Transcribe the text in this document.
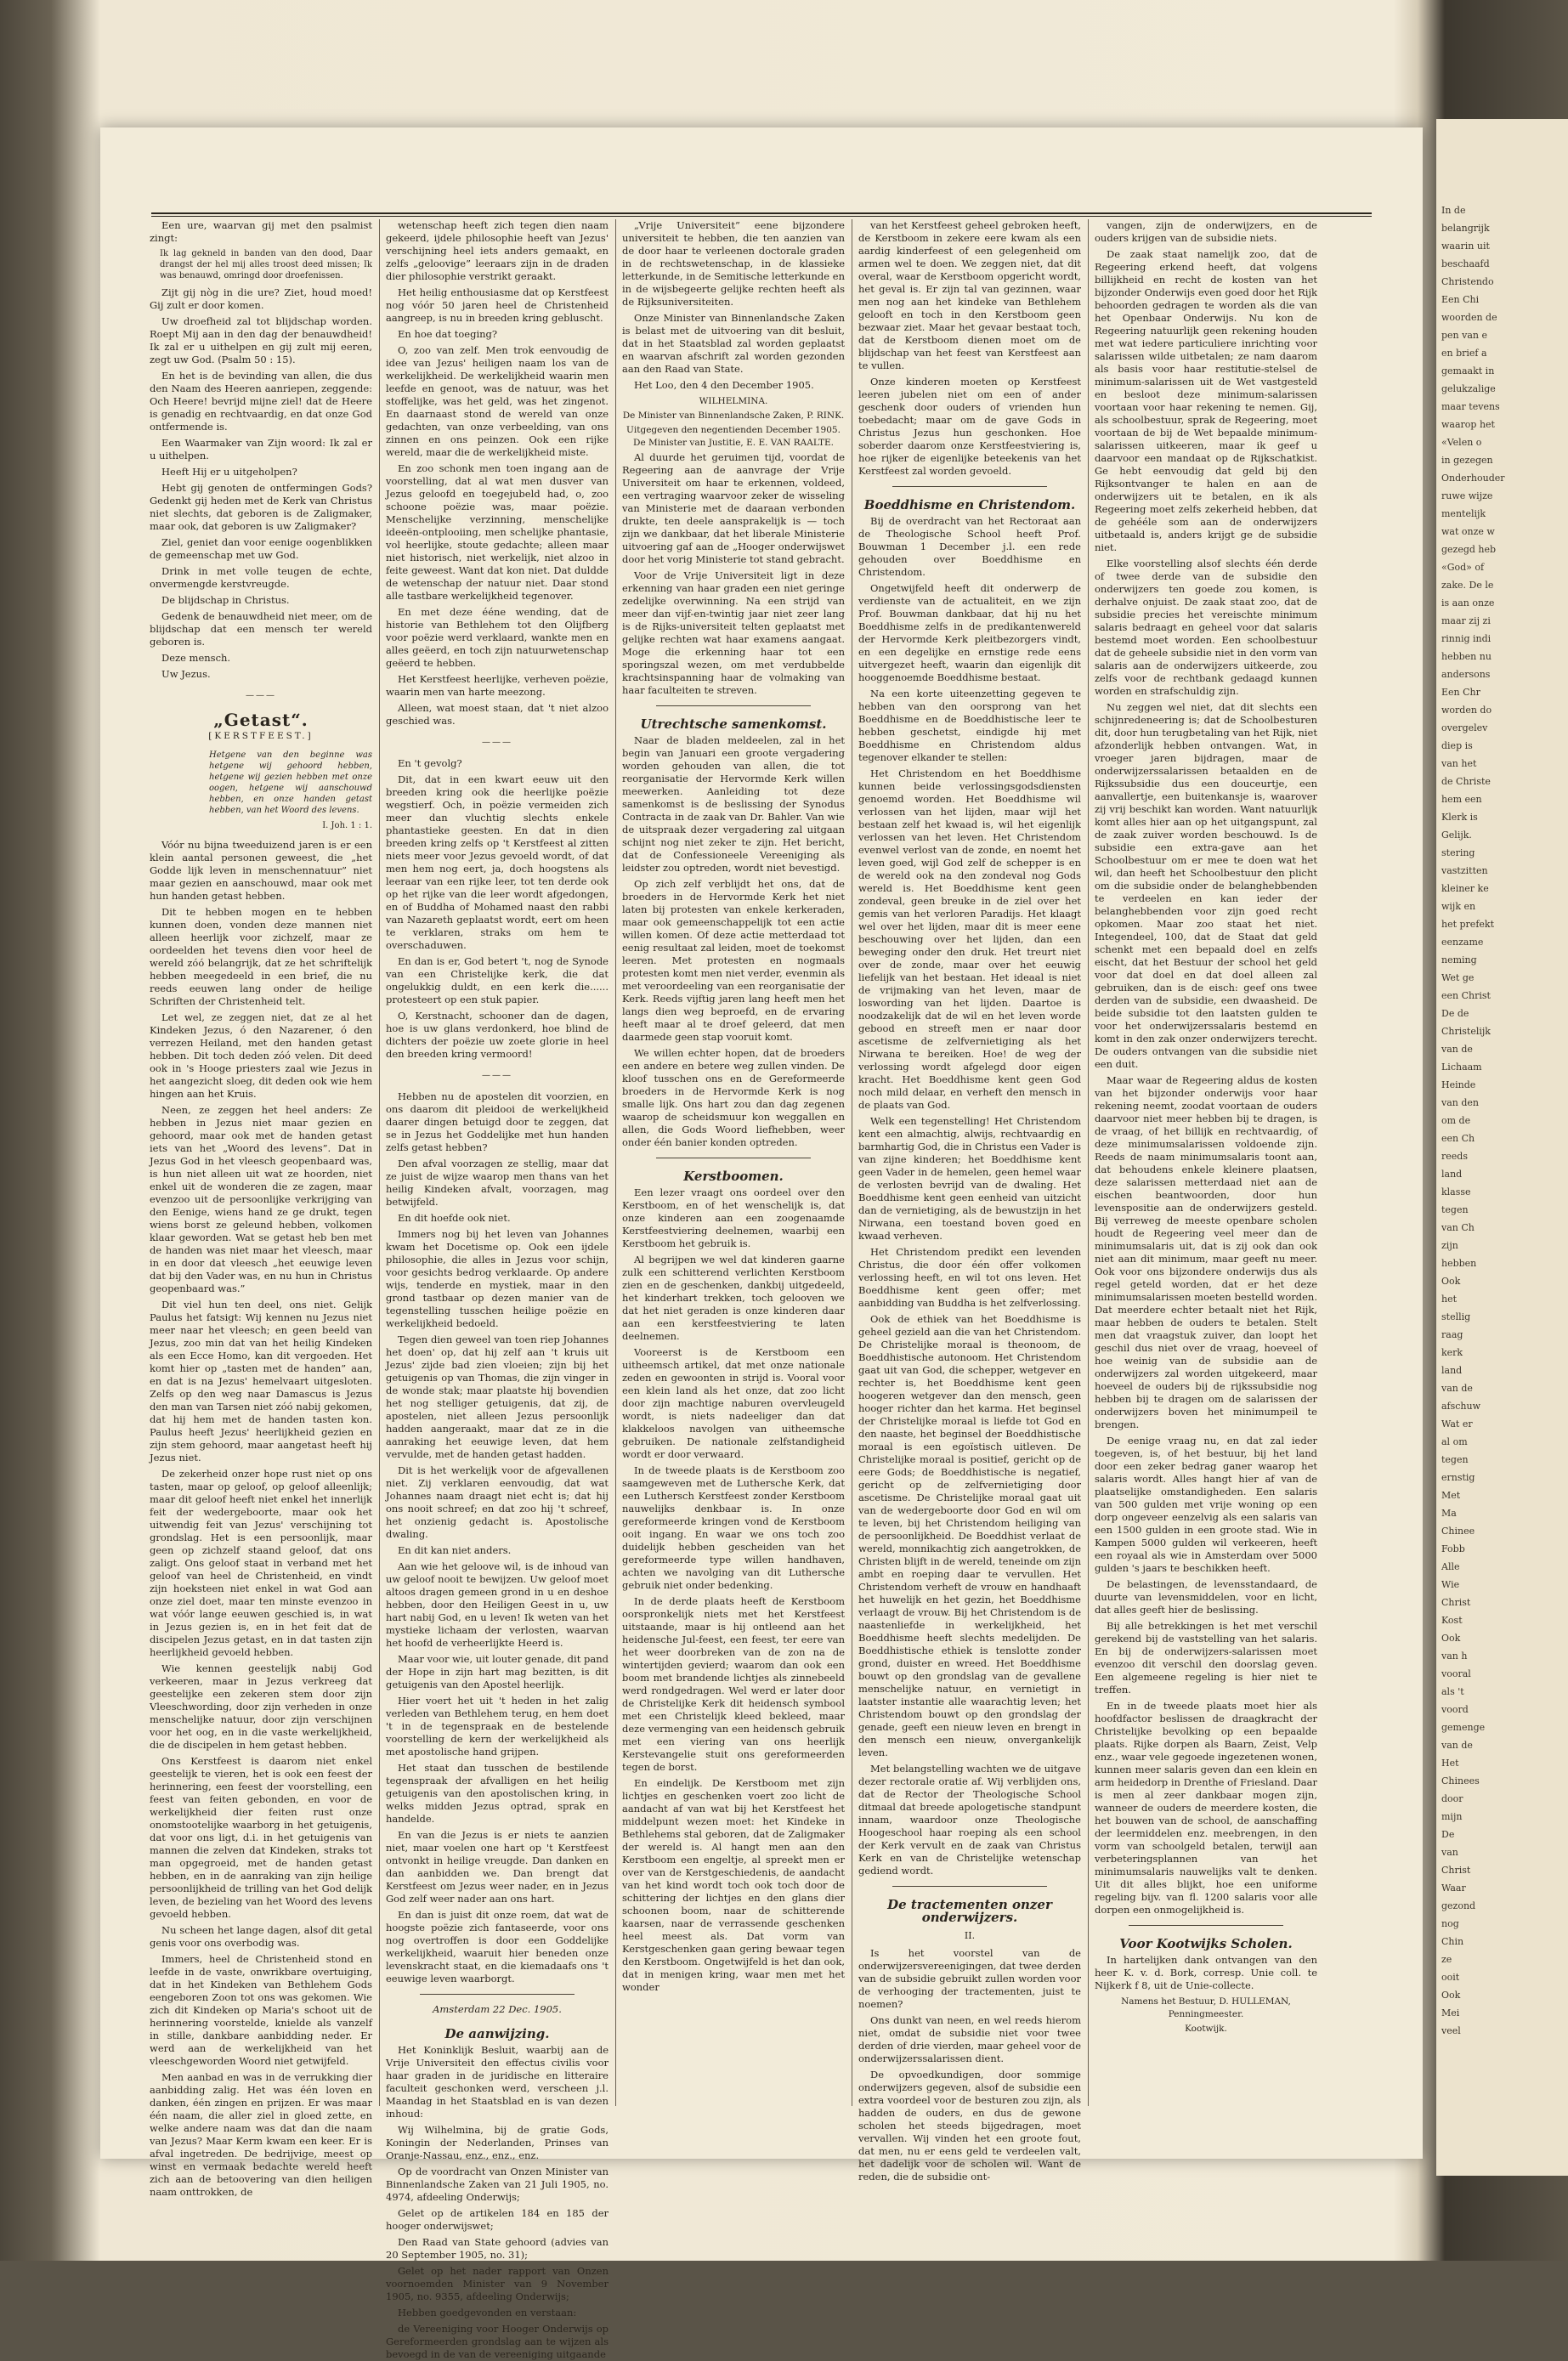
Een ure, waarvan gij met den psalmist zingt:

Ik lag gekneld in banden van den dood, Daar drangst der hel mij alles troost deed missen; Ik was benauwd, omringd door droefenissen.

Zijt gij nòg in die ure? Ziet, houd moed! Gij zult er door komen.

Uw droefheid zal tot blijdschap worden. Roept Mij aan in den dag der benauwdheid! Ik zal er u uithelpen en gij zult mij eeren, zegt uw God. (Psalm 50 : 15).

En het is de bevinding van allen, die dus den Naam des Heeren aanriepen, zeggende: Och Heere! bevrijd mijne ziel! dat de Heere is genadig en rechtvaardig, en dat onze God ontfermende is.

Een Waarmaker van Zijn woord: Ik zal er u uithelpen.

Heeft Hij er u uitgeholpen?

Hebt gij genoten de ontfermingen Gods? Gedenkt gij heden met de Kerk van Christus niet slechts, dat geboren is de Zaligmaker, maar ook, dat geboren is uw Zaligmaker?

Ziel, geniet dan voor eenige oogenblikken de gemeenschap met uw God.

Drink in met volle teugen de echte, onvermengde kerstvreugde.

De blijdschap in Christus.

Gedenk de benauwdheid niet meer, om de blijdschap dat een mensch ter wereld geboren is.

Deze mensch.

Uw Jezus.

———

„Getast“.

[KERSTFEEST.]

Hetgene van den beginne was hetgene wij gehoord hebben, hetgene wij gezien hebben met onze oogen, hetgene wij aanschouwd hebben, en onze handen getast hebben, van het Woord des levens.

I. Joh. 1 : 1.

Vóór nu bijna tweeduizend jaren is er een klein aantal personen geweest, die „het Godde lijk leven in menschennatuur” niet maar gezien en aanschouwd, maar ook met hun handen getast hebben.

Dit te hebben mogen en te hebben kunnen doen, vonden deze mannen niet alleen heerlijk voor zichzelf, maar ze oordeelden het tevens dien voor heel de wereld zóó belangrijk, dat ze het schriftelijk hebben meegedeeld in een brief, die nu reeds eeuwen lang onder de heilige Schriften der Christenheid telt.

Let wel, ze zeggen niet, dat ze al het Kindeken Jezus, ó den Nazarener, ó den verrezen Heiland, met den handen getast hebben. Dit toch deden zóó velen. Dit deed ook in 's Hooge priesters zaal wie Jezus in het aangezicht sloeg, dit deden ook wie hem hingen aan het Kruis.

Neen, ze zeggen het heel anders: Ze hebben in Jezus niet maar gezien en gehoord, maar ook met de handen getast iets van het „Woord des levens”. Dat in Jezus God in het vleesch geopenbaard was, is hun niet alleen uit wat ze hoorden, niet enkel uit de wonderen die ze zagen, maar evenzoo uit de persoonlijke verkrijging van den Eenige, wiens hand ze ge drukt, tegen wiens borst ze geleund hebben, volkomen klaar geworden. Wat se getast heb ben met de handen was niet maar het vleesch, maar in en door dat vleesch „het eeuwige leven dat bij den Vader was, en nu hun in Christus geopenbaard was.”

Dit viel hun ten deel, ons niet. Gelijk Paulus het fatsigt: Wij kennen nu Jezus niet meer naar het vleesch; en geen beeld van Jezus, zoo min dat van het heilig Kindeken als een Ecce Homo, kan dit vergoeden. Het komt hier op „tasten met de handen” aan, en dat is na Jezus' hemelvaart uitgesloten. Zelfs op den weg naar Damascus is Jezus den man van Tarsen niet zóó nabij gekomen, dat hij hem met de handen tasten kon. Paulus heeft Jezus' heerlijkheid gezien en zijn stem gehoord, maar aangetast heeft hij Jezus niet.

De zekerheid onzer hope rust niet op ons tasten, maar op geloof, op geloof alleenlijk; maar dit geloof heeft niet enkel het innerlijk feit der wedergeboorte, maar ook het uitwendig feit van Jezus' verschijning tot grondslag. Het is een persoonlijk, maar geen op zichzelf staand geloof, dat ons zaligt. Ons geloof staat in verband met het geloof van heel de Christenheid, en vindt zijn hoeksteen niet enkel in wat God aan onze ziel doet, maar ten minste evenzoo in wat vóór lange eeuwen geschied is, in wat in Jezus gezien is, en in het feit dat de discipelen Jezus getast, en in dat tasten zijn heerlijkheid gevoeld hebben.

Wie kennen geestelijk nabij God verkeeren, maar in Jezus verkreeg dat geestelijke een zekeren stem door zijn Vleeschwording, door zijn verheden in onze menschelijke natuur, door zijn verschijnen voor het oog, en in die vaste werkelijkheid, die de discipelen in hem getast hebben.

Ons Kerstfeest is daarom niet enkel geestelijk te vieren, het is ook een feest der herinnering, een feest der voorstelling, een feest van feiten gebonden, en voor de werkelijkheid dier feiten rust onze onomstootelijke waarborg in het getuigenis, dat voor ons ligt, d.i. in het getuigenis van mannen die zelven dat Kindeken, straks tot man opgegroeid, met de handen getast hebben, en in de aanraking van zijn heilige persoonlijkheid de trilling van het God delijk leven, de bezieling van het Woord des levens gevoeld hebben.

Nu scheen het lange dagen, alsof dit getal genis voor ons overbodig was.

Immers, heel de Christenheid stond en leefde in de vaste, onwrikbare overtuiging, dat in het Kindeken van Bethlehem Gods eengeboren Zoon tot ons was gekomen. Wie zich dit Kindeken op Maria's schoot uit de herinnering voorstelde, knielde als vanzelf in stille, dankbare aanbidding neder. Er werd aan de werkelijkheid van het vleeschgeworden Woord niet getwijfeld.

Men aanbad en was in de verrukking dier aanbidding zalig. Het was één loven en danken, één zingen en prijzen. Er was maar één naam, die aller ziel in gloed zette, en welke andere naam was dat dan die naam van Jezus? Maar Kerm kwam een keer. Er is afval ingetreden. De bedrijvige, meest op winst en vermaak bedachte wereld heeft zich aan de betoovering van dien heiligen naam onttrokken, de

wetenschap heeft zich tegen dien naam gekeerd, ijdele philosophie heeft van Jezus' verschijning heel iets anders gemaakt, en zelfs „geloovige” leeraars zijn in de draden dier philosophie verstrikt geraakt.

Het heilig enthousiasme dat op Kerstfeest nog vóór 50 jaren heel de Christenheid aangreep, is nu in breeden kring gebluscht.

En hoe dat toeging?

O, zoo van zelf. Men trok eenvoudig de idee van Jezus' heiligen naam los van de werkelijkheid. De werkelijkheid waarin men leefde en genoot, was de natuur, was het stoffelijke, was het geld, was het zingenot. En daarnaast stond de wereld van onze gedachten, van onze verbeelding, van ons zinnen en ons peinzen. Ook een rijke wereld, maar die de werkelijkheid miste.

En zoo schonk men toen ingang aan de voorstelling, dat al wat men dusver van Jezus geloofd en toegejubeld had, o, zoo schoone poëzie was, maar poëzie. Menschelijke verzinning, menschelijke ideeën-ontplooiing, men schelijke phantasie, vol heerlijke, stoute gedachte; alleen maar niet historisch, niet werkelijk, niet alzoo in feite geweest. Want dat kon niet. Dat duldde de wetenschap der natuur niet. Daar stond alle tastbare werkelijkheid tegenover.

En met deze ééne wending, dat de historie van Bethlehem tot den Olijfberg voor poëzie werd verklaard, wankte men en alles geëerd, en toch zijn natuurwetenschap geëerd te hebben.

Het Kerstfeest heerlijke, verheven poëzie, waarin men van harte meezong.

Alleen, wat moest staan, dat 't niet alzoo geschied was.

———

En 't gevolg?

Dit, dat in een kwart eeuw uit den breeden kring ook die heerlijke poëzie wegstierf. Och, in poëzie vermeiden zich meer dan vluchtig slechts enkele phantastieke geesten. En dat in dien breeden kring zelfs op 't Kerstfeest al zitten niets meer voor Jezus gevoeld wordt, of dat men hem nog eert, ja, doch hoogstens als leeraar van een rijke leer, tot ten derde ook op het rijke van die leer wordt afgedongen, en of Buddha of Mohamed naast den rabbi van Nazareth geplaatst wordt, eert om heen te verklaren, straks om hem te overschaduwen.

En dan is er, God betert 't, nog de Synode van een Christelijke kerk, die dat ongelukkig duldt, en een kerk die...... protesteert op een stuk papier.

O, Kerstnacht, schooner dan de dagen, hoe is uw glans verdonkerd, hoe blind de dichters der poëzie uw zoete glorie in heel den breeden kring vermoord!

———

Hebben nu de apostelen dit voorzien, en ons daarom dit pleidooi de werkelijkheid daarer dingen betuigd door te zeggen, dat se in Jezus het Goddelijke met hun handen zelfs getast hebben?

Den afval voorzagen ze stellig, maar dat ze juist de wijze waarop men thans van het heilig Kindeken afvalt, voorzagen, mag betwijfeld.

En dit hoefde ook niet.

Immers nog bij het leven van Johannes kwam het Docetisme op. Ook een ijdele philosophie, die alles in Jezus voor schijn, voor gesichts bedrog verklaarde. Op andere wijs, tenderde en mystiek, maar in den grond tastbaar op dezen manier van de tegenstelling tusschen heilige poëzie en werkelijkheid bedoeld.

Tegen dien geweel van toen riep Johannes het doen' op, dat hij zelf aan 't kruis uit Jezus' zijde bad zien vloeien; zijn bij het getuigenis op van Thomas, die zijn vinger in de wonde stak; maar plaatste hij bovendien het nog stelliger getuigenis, dat zij, de apostelen, niet alleen Jezus persoonlijk hadden aangeraakt, maar dat ze in die aanraking het eeuwige leven, dat hem vervulde, met de handen getast hadden.

Dit is het werkelijk voor de afgevallenen niet. Zij verklaren eenvoudig, dat wat Johannes naam draagt niet echt is; dat hij ons nooit schreef; en dat zoo hij 't schreef, het onzienig gedacht is. Apostolische dwaling.

En dit kan niet anders.

Aan wie het geloove wil, is de inhoud van uw geloof nooit te bewijzen. Uw geloof moet altoos dragen gemeen grond in u en deshoe hebben, door den Heiligen Geest in u, uw hart nabij God, en u leven! Ik weten van het mystieke lichaam der verlosten, waarvan het hoofd de verheerlijkte Heerd is.

Maar voor wie, uit louter genade, dit pand der Hope in zijn hart mag bezitten, is dit getuigenis van den Apostel heerlijk.

Hier voert het uit 't heden in het zalig verleden van Bethlehem terug, en hem doet 't in de tegenspraak en de bestelende voorstelling de kern der werkelijkheid als met apostolische hand grijpen.

Het staat dan tusschen de bestilende tegenspraak der afvalligen en het heilig getuigenis van den apostolischen kring, in welks midden Jezus optrad, sprak en handelde.

En van die Jezus is er niets te aanzien niet, maar voelen one hart op 't Kerstfeest ontvonkt in heilige vreugde. Dan danken en dan aanbidden we. Dan brengt dat Kerstfeest om Jezus weer nader, en in Jezus God zelf weer nader aan ons hart.

En dan is juist dit onze roem, dat wat de hoogste poëzie zich fantaseerde, voor ons nog overtroffen is door een Goddelijke werkelijkheid, waaruit hier beneden onze levenskracht staat, en die kiemadaafs ons 't eeuwige leven waarborgt.

Amsterdam 22 Dec. 1905.

De aanwijzing.

Het Koninklijk Besluit, waarbij aan de Vrije Universiteit den effectus civilis voor haar graden in de juridische en litteraire faculteit geschonken werd, verscheen j.l. Maandag in het Staatsblad en is van dezen inhoud:

Wij Wilhelmina, bij de gratie Gods, Koningin der Nederlanden, Prinses van Oranje-Nassau, enz., enz., enz.

Op de voordracht van Onzen Minister van Binnenlandsche Zaken van 21 Juli 1905, no. 4974, afdeeling Onderwijs;

Gelet op de artikelen 184 en 185 der hooger onderwijswet;

Den Raad van State gehoord (advies van 20 September 1905, no. 31);

Gelet op het nader rapport van Onzen voornoemden Minister van 9 November 1905, no. 9355, afdeeling Onderwijs;

Hebben goedgevonden en verstaan:

de Vereeniging voor Hooger Onderwijs op Gereformeerden grondslag aan te wijzen als bevoegd in de van de vereeniging uitgaande

„Vrije Universiteit” eene bijzondere universiteit te hebben, die ten aanzien van de door haar te verleenen doctorale graden in de rechtswetenschap, in de klassieke letterkunde, in de Semitische letterkunde en in de wijsbegeerte gelijke rechten heeft als de Rijksuniversiteiten.

Onze Minister van Binnenlandsche Zaken is belast met de uitvoering van dit besluit, dat in het Staatsblad zal worden geplaatst en waarvan afschrift zal worden gezonden aan den Raad van State.

Het Loo, den 4 den December 1905.

WILHELMINA.

De Minister van Binnenlandsche Zaken, P. RINK.

Uitgegeven den negentienden December 1905. De Minister van Justitie, E. E. VAN RAALTE.

Al duurde het geruimen tijd, voordat de Regeering aan de aanvrage der Vrije Universiteit om haar te erkennen, voldeed, een vertraging waarvoor zeker de wisseling van Ministerie met de daaraan verbonden drukte, ten deele aansprakelijk is — toch zijn we dankbaar, dat het liberale Ministerie uitvoering gaf aan de „Hooger onderwijswet door het vorig Ministerie tot stand gebracht.

Voor de Vrije Universiteit ligt in deze erkenning van haar graden een niet geringe zedelijke overwinning. Na een strijd van meer dan vijf-en-twintig jaar niet zeer lang is de Rijks-universiteit telten geplaatst met gelijke rechten wat haar examens aangaat. Moge die erkenning haar tot een sporingszal wezen, om met verdubbelde krachtsinspanning haar de volmaking van haar faculteiten te streven.

Utrechtsche samenkomst.

Naar de bladen meldeelen, zal in het begin van Januari een groote vergadering worden gehouden van allen, die tot reorganisatie der Hervormde Kerk willen meewerken. Aanleiding tot deze samenkomst is de beslissing der Synodus Contracta in de zaak van Dr. Bahler. Van wie de uitspraak dezer vergadering zal uitgaan schijnt nog niet zeker te zijn. Het bericht, dat de Confessioneele Vereeniging als leidster zou optreden, wordt niet bevestigd.

Op zich zelf verblijdt het ons, dat de broeders in de Hervormde Kerk het niet laten bij protesten van enkele kerkeraden, maar ook gemeenschappelijk tot een actie willen komen. Of deze actie metterdaad tot eenig resultaat zal leiden, moet de toekomst leeren. Met protesten en nogmaals protesten komt men niet verder, evenmin als met veroordeeling van een reorganisatie der Kerk. Reeds vijftig jaren lang heeft men het langs dien weg beproefd, en de ervaring heeft maar al te droef geleerd, dat men daarmede geen stap vooruit komt.

We willen echter hopen, dat de broeders een andere en betere weg zullen vinden. De kloof tusschen ons en de Gereformeerde broeders in de Hervormde Kerk is nog smalle lijk. Ons hart zou dan dag zegenen waarop de scheidsmuur kon weggallen en allen, die Gods Woord liefhebben, weer onder één banier konden optreden.

Kerstboomen.

Een lezer vraagt ons oordeel over den Kerstboom, en of het wenschelijk is, dat onze kinderen aan een zoogenaamde Kerstfeestviering deelnemen, waarbij een Kerstboom het gebruik is.

Al begrijpen we wel dat kinderen gaarne zulk een schitterend verlichten Kerstboom zien en de geschenken, dankbij uitgedeeld, het kinderhart trekken, toch gelooven we dat het niet geraden is onze kinderen daar aan een kerstfeestviering te laten deelnemen.

Vooreerst is de Kerstboom een uitheemsch artikel, dat met onze nationale zeden en gewoonten in strijd is. Vooral voor een klein land als het onze, dat zoo licht door zijn machtige naburen overvleugeld wordt, is niets nadeeliger dan dat klakkeloos navolgen van uitheemsche gebruiken. De nationale zelfstandigheid wordt er door verwaard.

In de tweede plaats is de Kerstboom zoo saamgeweven met de Luthersche Kerk, dat een Luthersch Kerstfeest zonder Kerstboom nauwelijks denkbaar is. In onze gereformeerde kringen vond de Kerstboom ooit ingang. En waar we ons toch zoo duidelijk hebben gescheiden van het gereformeerde type willen handhaven, achten we navolging van dit Luthersche gebruik niet onder bedenking.

In de derde plaats heeft de Kerstboom oorspronkelijk niets met het Kerstfeest uitstaande, maar is hij ontleend aan het heidensche Jul-feest, een feest, ter eere van het weer doorbreken van de zon na de wintertijden gevierd; waarom dan ook een boom met brandende lichtjes als zinnebeeld werd rondgedragen. Wel werd er later door de Christelijke Kerk dit heidensch symbool met een Christelijk kleed bekleed, maar deze vermenging van een heidensch gebruik met een viering van ons heerlijk Kerstevangelie stuit ons gereformeerden tegen de borst.

En eindelijk. De Kerstboom met zijn lichtjes en geschenken voert zoo licht de aandacht af van wat bij het Kerstfeest het middelpunt wezen moet: het Kindeke in Bethlehems stal geboren, dat de Zaligmaker der wereld is. Al hangt men aan den Kerstboom een engeltje, al spreekt men er over van de Kerstgeschiedenis, de aandacht van het kind wordt toch ook toch door de schittering der lichtjes en den glans dier schoonen boom, naar de schitterende kaarsen, naar de verrassende geschenken heel meest als. Dat vorm van Kerstgeschenken gaan gering bewaar tegen den Kerstboom. Ongetwijfeld is het dan ook, dat in menigen kring, waar men met het wonder

van het Kerstfeest geheel gebroken heeft, de Kerstboom in zekere eere kwam als een aardig kinderfeest of een gelegenheid om armen wel te doen. We zeggen niet, dat dit overal, waar de Kerstboom opgericht wordt, het geval is. Er zijn tal van gezinnen, waar men nog aan het kindeke van Bethlehem gelooft en toch in den Kerstboom geen bezwaar ziet. Maar het gevaar bestaat toch, dat de Kerstboom dienen moet om de blijdschap van het feest van Kerstfeest aan te vullen.

Onze kinderen moeten op Kerstfeest leeren jubelen niet om een of ander geschenk door ouders of vrienden hun toebedacht; maar om de gave Gods in Christus Jezus hun geschonken. Hoe soberder daarom onze Kerstfeestviering is, hoe rijker de eigenlijke beteekenis van het Kerstfeest zal worden gevoeld.

Boeddhisme en Christendom.

Bij de overdracht van het Rectoraat aan de Theologische School heeft Prof. Bouwman 1 December j.l. een rede gehouden over Boeddhisme en Christendom.

Ongetwijfeld heeft dit onderwerp de verdienste van de actualiteit, en we zijn Prof. Bouwman dankbaar, dat hij nu het Boeddhisme zelfs in de predikantenwereld der Hervormde Kerk pleitbezorgers vindt, en een degelijke en ernstige rede eens uitvergezet heeft, waarin dan eigenlijk dit hooggenoemde Boeddhisme bestaat.

Na een korte uiteenzetting gegeven te hebben van den oorsprong van het Boeddhisme en de Boeddhistische leer te hebben geschetst, eindigde hij met Boeddhisme en Christendom aldus tegenover elkander te stellen:

Het Christendom en het Boeddhisme kunnen beide verlossingsgodsdiensten genoemd worden. Het Boeddhisme wil verlossen van het lijden, maar wijl het bestaan zelf het kwaad is, wil het eigenlijk verlossen van het leven. Het Christendom evenwel verlost van de zonde, en noemt het leven goed, wijl God zelf de schepper is en de wereld ook na den zondeval nog Gods wereld is. Het Boeddhisme kent geen zondeval, geen breuke in de ziel over het gemis van het verloren Paradijs. Het klaagt wel over het lijden, maar dit is meer eene beschouwing over het lijden, dan een beweging onder den druk. Het treurt niet over de zonde, maar over het eeuwig liefelijk van het bestaan. Het ideaal is niet de vrijmaking van het leven, maar de loswording van het lijden. Daartoe is noodzakelijk dat de wil en het leven worde gebood en streeft men er naar door ascetisme de zelfvernietiging als het Nirwana te bereiken. Hoe! de weg der verlossing wordt afgelegd door eigen kracht. Het Boeddhisme kent geen God noch mild delaar, en verheft den mensch in de plaats van God.

Welk een tegenstelling! Het Christendom kent een almachtig, alwijs, rechtvaardig en barmhartig God, die in Christus een Vader is van zijne kinderen; het Boeddhisme kent geen Vader in de hemelen, geen hemel waar de verlosten bevrijd van de dwaling. Het Boeddhisme kent geen eenheid van uitzicht dan de vernietiging, als de bewustzijn in het Nirwana, een toestand boven goed en kwaad verheven.

Het Christendom predikt een levenden Christus, die door één offer volkomen verlossing heeft, en wil tot ons leven. Het Boeddhisme kent geen offer; met aanbidding van Buddha is het zelfverlossing.

Ook de ethiek van het Boeddhisme is geheel gezield aan die van het Christendom. De Christelijke moraal is theonoom, de Boeddhistische autonoom. Het Christendom gaat uit van God, die schepper, wetgever en rechter is, het Boeddhisme kent geen hoogeren wetgever dan den mensch, geen hooger richter dan het karma. Het beginsel der Christelijke moraal is liefde tot God en den naaste, het beginsel der Boeddhistische moraal is een egoïstisch uitleven. De Christelijke moraal is positief, gericht op de eere Gods; de Boeddhistische is negatief, gericht op de zelfvernietiging door ascetisme. De Christelijke moraal gaat uit van de wedergeboorte door God en wil om te leven, bij het Christendom heiliging van de persoonlijkheid. De Boeddhist verlaat de wereld, monnikachtig zich aangetrokken, de Christen blijft in de wereld, teneinde om zijn ambt en roeping daar te vervullen. Het Christendom verheft de vrouw en handhaaft het huwelijk en het gezin, het Boeddhisme verlaagt de vrouw. Bij het Christendom is de naastenliefde in werkelijkheid, het Boeddhisme heeft slechts medelijden. De Boeddhistische ethiek is tenslotte zonder grond, duister en wreed. Het Boeddhisme bouwt op den grondslag van de gevallene menschelijke natuur, en vernietigt in laatster instantie alle waarachtig leven; het Christendom bouwt op den grondslag der genade, geeft een nieuw leven en brengt in den mensch een nieuw, onvergankelijk leven.

Met belangstelling wachten we de uitgave dezer rectorale oratie af. Wij verblijden ons, dat de Rector der Theologische School ditmaal dat breede apologetische standpunt innam, waardoor onze Theologische Hoogeschool haar roeping als een school der Kerk vervult en de zaak van Christus Kerk en van de Christelijke wetenschap gediend wordt.

De tractementen onzer onderwijzers.

II.

Is het voorstel van de onderwijzersvereenigingen, dat twee derden van de subsidie gebruikt zullen worden voor de verhooging der tractementen, juist te noemen?

Ons dunkt van neen, en wel reeds hierom niet, omdat de subsidie niet voor twee derden of drie vierden, maar geheel voor de onderwijzerssalarissen dient.

De opvoedkundigen, door sommige onderwijzers gegeven, alsof de subsidie een extra voordeel voor de besturen zou zijn, als hadden de ouders, en dus de gewone scholen het steeds bijgedragen, moet vervallen. Wij vinden het een groote fout, dat men, nu er eens geld te verdeelen valt, het dadelijk voor de scholen wil. Want de reden, die de subsidie ont-

vangen, zijn de onderwijzers, en de ouders krijgen van de subsidie niets.

De zaak staat namelijk zoo, dat de Regeering erkend heeft, dat volgens billijkheid en recht de kosten van het bijzonder Onderwijs even goed door het Rijk behoorden gedragen te worden als die van het Openbaar Onderwijs. Nu kon de Regeering natuurlijk geen rekening houden met wat iedere particuliere inrichting voor salarissen wilde uitbetalen; ze nam daarom als basis voor haar restitutie-stelsel de minimum-salarissen uit de Wet vastgesteld en besloot deze minimum-salarissen voortaan voor haar rekening te nemen. Gij, als schoolbestuur, sprak de Regeering, moet voortaan de bij de Wet bepaalde minimum-salarissen uitkeeren, maar ik geef u daarvoor een mandaat op de Rijkschatkist. Ge hebt eenvoudig dat geld bij den Rijksontvanger te halen en aan de onderwijzers uit te betalen, en ik als Regeering moet zelfs zekerheid hebben, dat de gehééle som aan de onderwijzers uitbetaald is, anders krijgt ge de subsidie niet.

Elke voorstelling alsof slechts één derde of twee derde van de subsidie den onderwijzers ten goede zou komen, is derhalve onjuist. De zaak staat zoo, dat de subsidie precies het vereischte minimum salaris bedraagt en geheel voor dat salaris bestemd moet worden. Een schoolbestuur dat de geheele subsidie niet in den vorm van salaris aan de onderwijzers uitkeerde, zou zelfs voor de rechtbank gedaagd kunnen worden en strafschuldig zijn.

Nu zeggen wel niet, dat dit slechts een schijnredeneering is; dat de Schoolbesturen dit, door hun terugbetaling van het Rijk, niet afzonderlijk hebben ontvangen. Wat, in vroeger jaren bijdragen, maar de onderwijzerssalarissen betaalden en de Rijkssubsidie dus een douceurtje, een aanvallertje, een buitenkansje is, waarover zij vrij beschikt kan worden. Want natuurlijk komt alles hier aan op het uitgangspunt, zal de zaak zuiver worden beschouwd. Is de subsidie een extra-gave aan het Schoolbestuur om er mee te doen wat het wil, dan heeft het Schoolbestuur den plicht om die subsidie onder de belanghebbenden te verdeelen en kan ieder der belanghebbenden voor zijn goed recht opkomen. Maar zoo staat het niet. Integendeel, 100, dat de Staat dat geld schenkt met een bepaald doel en zelfs eischt, dat het Bestuur der school het geld voor dat doel en dat doel alleen zal gebruiken, dan is de eisch: geef ons twee derden van de subsidie, een dwaasheid. De beide subsidie tot den laatsten gulden te voor het onderwijzerssalaris bestemd en komt in den zak onzer onderwijzers terecht. De ouders ontvangen van die subsidie niet een duit.

Maar waar de Regeering aldus de kosten van het bijzonder onderwijs voor haar rekening neemt, zoodat voortaan de ouders daarvoor niet meer hebben bij te dragen, is de vraag, of het billijk en rechtvaardig, of deze minimumsalarissen voldoende zijn. Reeds de naam minimumsalaris toont aan, dat behoudens enkele kleinere plaatsen, deze salarissen metterdaad niet aan de eischen beantwoorden, door hun levenspositie aan de onderwijzers gesteld. Bij verreweg de meeste openbare scholen houdt de Regeering veel meer dan de minimumsalaris uit, dat is zij ook dan ook niet aan dit minimum, maar geeft nu meer. Ook voor ons bijzondere onderwijs dus als regel geteld worden, dat er het deze minimumsalarissen moeten bestelld worden. Dat meerdere echter betaalt niet het Rijk, maar hebben de ouders te betalen. Stelt men dat vraagstuk zuiver, dan loopt het geschil dus niet over de vraag, hoeveel of hoe weinig van de subsidie aan de onderwijzers zal worden uitgekeerd, maar hoeveel de ouders bij de rijkssubsidie nog hebben bij te dragen om de salarissen der onderwijzers boven het minimumpeil te brengen.

De eenige vraag nu, en dat zal ieder toegeven, is, of het bestuur, bij het land door een zeker bedrag ganer waarop het salaris wordt. Alles hangt hier af van de plaatselijke omstandigheden. Een salaris van 500 gulden met vrije woning op een dorp ongeveer eenzelvig als een salaris van een 1500 gulden in een groote stad. Wie in Kampen 5000 gulden wil verkeeren, heeft een royaal als wie in Amsterdam over 5000 gulden 's jaars te beschikken heeft.

De belastingen, de levensstandaard, de duurte van levensmiddelen, voor en licht, dat alles geeft hier de beslissing.

Bij alle betrekkingen is het met verschil gerekend bij de vaststelling van het salaris. En bij de onderwijzers-salarissen moet evenzoo dit verschil den doorslag geven. Een algemeene regeling is hier niet te treffen.

En in de tweede plaats moet hier als hoofdfactor beslissen de draagkracht der Christelijke bevolking op een bepaalde plaats. Rijke dorpen als Baarn, Zeist, Velp enz., waar vele gegoede ingezetenen wonen, kunnen meer salaris geven dan een klein en arm heidedorp in Drenthe of Friesland. Daar is men al zeer dankbaar mogen zijn, wanneer de ouders de meerdere kosten, die het bouwen van de school, de aanschaffing der leermiddelen enz. meebrengen, in den vorm van schoolgeld betalen, terwijl aan verbeteringsplannen van het minimumsalaris nauwelijks valt te denken. Uit dit alles blijkt, hoe een uniforme regeling bijv. van fl. 1200 salaris voor alle dorpen een onmogelijkheid is.

Voor Kootwijks Scholen.

In hartelijken dank ontvangen van den heer K. v. d. Bork, corresp. Unie coll. te Nijkerk f 8, uit de Unie-collecte.

Namens het Bestuur, D. HULLEMAN, Penningmeester.

Kootwijk.

In de
belangrijk
waarin uit
beschaafd
Christendo
Een Chi
woorden de
pen van e
en brief a
gemaakt in
gelukzalige
maar tevens
waarop het
«Velen o
in gezegen
Onderhouder
ruwe wijze
mentelijk
wat onze w
gezegd heb
«God» of
zake. De le
is aan onze
maar zij zi
rinnig indi
hebben nu
andersons
Een Chr
worden do
overgelev
diep is
van het
de Christe
hem een
Klerk is
Gelijk.
stering
vastzitten
kleiner ke
wijk en
het prefekt
eenzame
neming
Wet ge
een Christ
De de
Christelijk
van de
Lichaam
Heinde
van den
om de
een Ch
reeds
land
klasse
tegen
van Ch
zijn
hebben
Ook
het
stellig
raag
kerk
land
van de
afschuw
Wat er
al om
tegen
ernstig
Met
Ma
Chinee
Fobb
Alle
Wie
Christ
Kost
Ook
van h
vooral
als 't
voord
gemenge
van de
Het
Chinees
door
mijn
De
van
Christ
Waar
gezond
nog
Chin
ze
ooit
Ook
Mei
veel
